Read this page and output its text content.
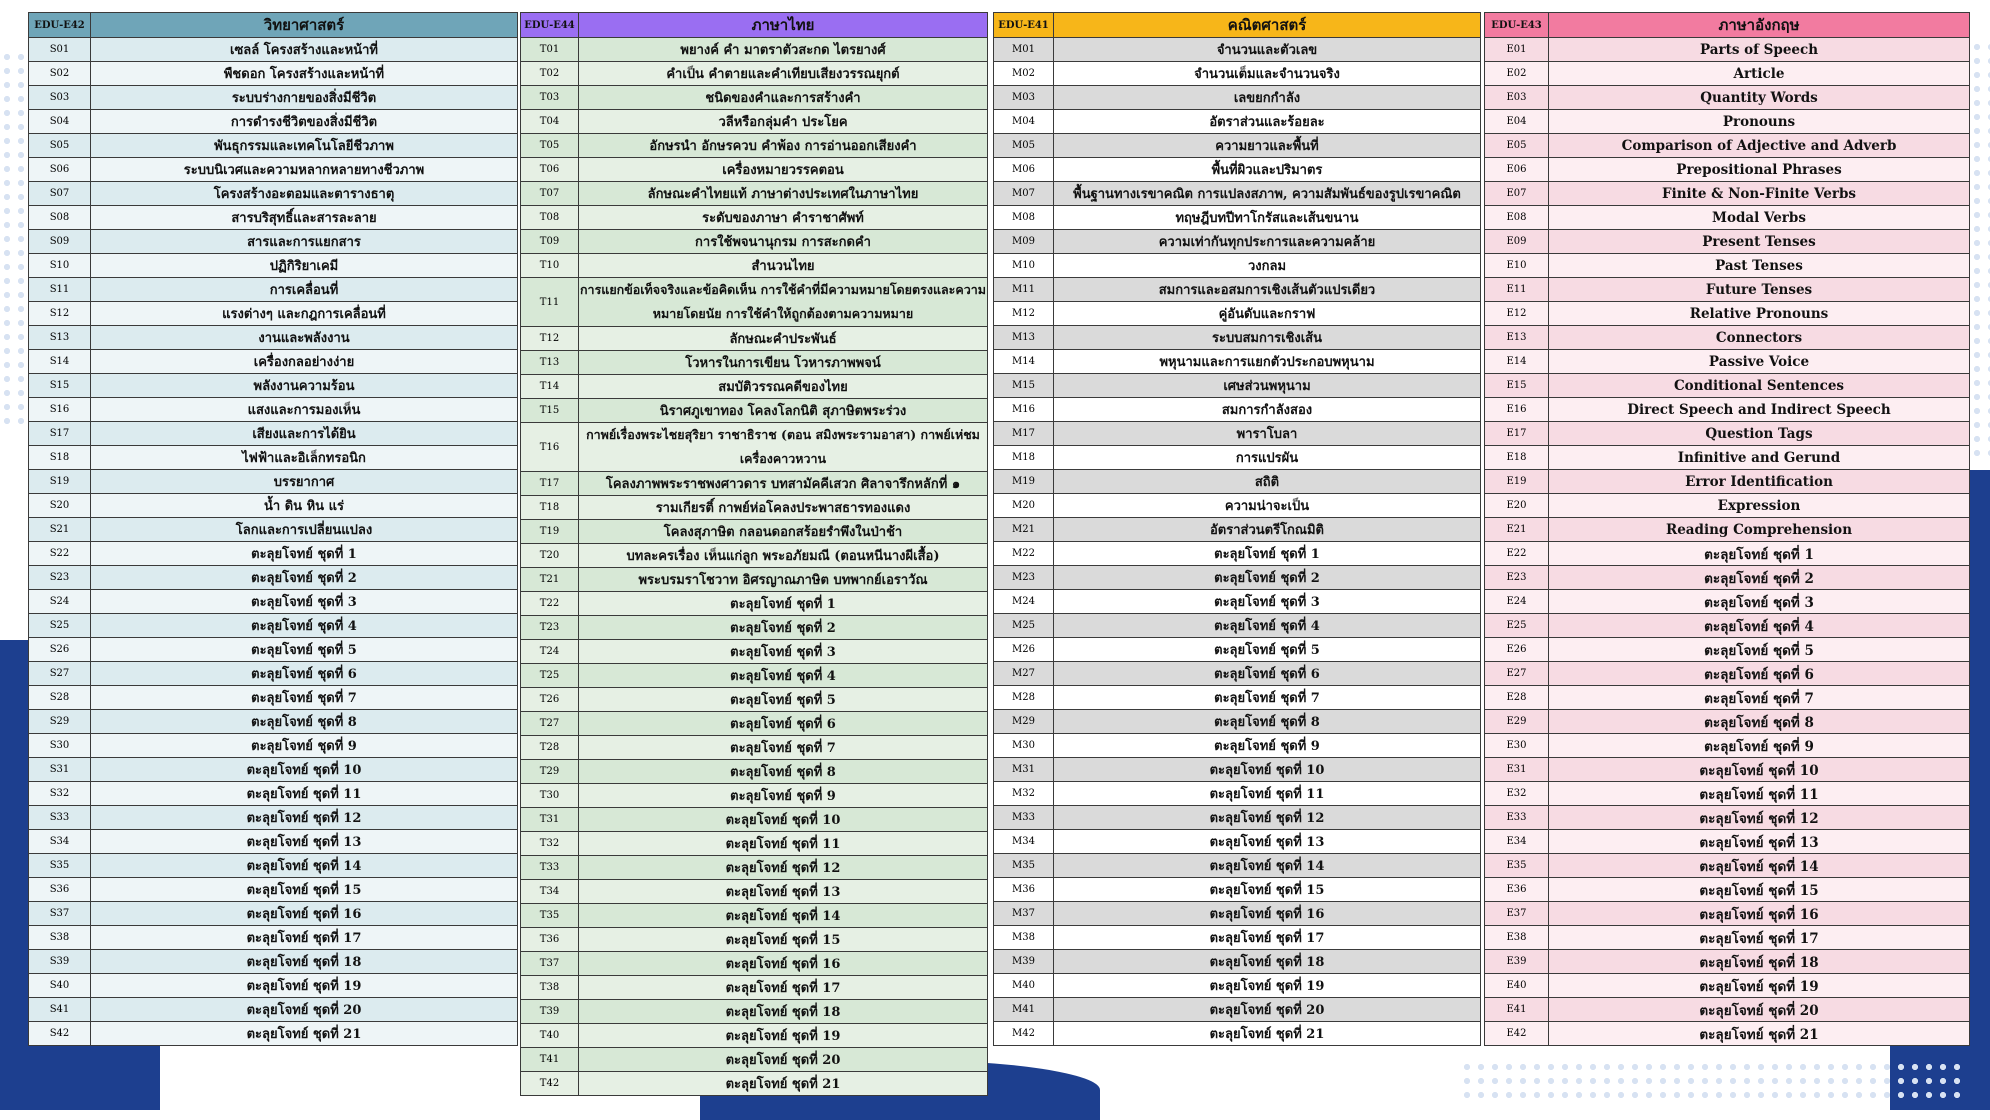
EDU-E42	วิทยาศาสตร์
S01	เซลล์ โครงสร้างและหน้าที่
S02	พืชดอก โครงสร้างและหน้าที่
S03	ระบบร่างกายของสิ่งมีชีวิต
S04	การดำรงชีวิตของสิ่งมีชีวิต
S05	พันธุกรรมและเทคโนโลยีชีวภาพ
S06	ระบบนิเวศและความหลากหลายทางชีวภาพ
S07	โครงสร้างอะตอมและตารางธาตุ
S08	สารบริสุทธิ์และสารละลาย
S09	สารและการแยกสาร
S10	ปฏิกิริยาเคมี
S11	การเคลื่อนที่
S12	แรงต่างๆ และกฎการเคลื่อนที่
S13	งานและพลังงาน
S14	เครื่องกลอย่างง่าย
S15	พลังงานความร้อน
S16	แสงและการมองเห็น
S17	เสียงและการได้ยิน
S18	ไฟฟ้าและอิเล็กทรอนิก
S19	บรรยากาศ
S20	น้ำ ดิน หิน แร่
S21	โลกและการเปลี่ยนแปลง
S22	ตะลุยโจทย์ ชุดที่ 1
S23	ตะลุยโจทย์ ชุดที่ 2
S24	ตะลุยโจทย์ ชุดที่ 3
S25	ตะลุยโจทย์ ชุดที่ 4
S26	ตะลุยโจทย์ ชุดที่ 5
S27	ตะลุยโจทย์ ชุดที่ 6
S28	ตะลุยโจทย์ ชุดที่ 7
S29	ตะลุยโจทย์ ชุดที่ 8
S30	ตะลุยโจทย์ ชุดที่ 9
S31	ตะลุยโจทย์ ชุดที่ 10
S32	ตะลุยโจทย์ ชุดที่ 11
S33	ตะลุยโจทย์ ชุดที่ 12
S34	ตะลุยโจทย์ ชุดที่ 13
S35	ตะลุยโจทย์ ชุดที่ 14
S36	ตะลุยโจทย์ ชุดที่ 15
S37	ตะลุยโจทย์ ชุดที่ 16
S38	ตะลุยโจทย์ ชุดที่ 17
S39	ตะลุยโจทย์ ชุดที่ 18
S40	ตะลุยโจทย์ ชุดที่ 19
S41	ตะลุยโจทย์ ชุดที่ 20
S42	ตะลุยโจทย์ ชุดที่ 21
EDU-E44	ภาษาไทย
T01	พยางค์ คำ มาตราตัวสะกด ไตรยางศ์
T02	คำเป็น คำตายและคำเทียบเสียงวรรณยุกต์
T03	ชนิดของคำและการสร้างคำ
T04	วลีหรือกลุ่มคำ ประโยค
T05	อักษรนำ อักษรควบ คำพ้อง การอ่านออกเสียงคำ
T06	เครื่องหมายวรรคตอน
T07	ลักษณะคำไทยแท้ ภาษาต่างประเทศในภาษาไทย
T08	ระดับของภาษา คำราชาศัพท์
T09	การใช้พจนานุกรม การสะกดคำ
T10	สำนวนไทย
T11	การแยกข้อเท็จจริงและข้อคิดเห็น การใช้คำที่มีความหมายโดยตรงและความหมายโดยนัย การใช้คำให้ถูกต้องตามความหมาย
T12	ลักษณะคำประพันธ์
T13	โวหารในการเขียน โวหารภาพพจน์
T14	สมบัติวรรณคดีของไทย
T15	นิราศภูเขาทอง โคลงโลกนิติ สุภาษิตพระร่วง
T16	กาพย์เรื่องพระไชยสุริยา ราชาธิราช (ตอน สมิงพระรามอาสา) กาพย์เห่ชมเครื่องคาวหวาน
T17	โคลงภาพพระราชพงศาวดาร บทสามัคคีเสวก ศิลาจารึกหลักที่ ๑
T18	รามเกียรติ์ กาพย์ห่อโคลงประพาสธารทองแดง
T19	โคลงสุภาษิต กลอนดอกสร้อยรำพึงในป่าช้า
T20	บทละครเรื่อง เห็นแก่ลูก พระอภัยมณี (ตอนหนีนางผีเสื้อ)
T21	พระบรมราโชวาท อิศรญาณภาษิต บทพากย์เอราวัณ
T22	ตะลุยโจทย์ ชุดที่ 1
T23	ตะลุยโจทย์ ชุดที่ 2
T24	ตะลุยโจทย์ ชุดที่ 3
T25	ตะลุยโจทย์ ชุดที่ 4
T26	ตะลุยโจทย์ ชุดที่ 5
T27	ตะลุยโจทย์ ชุดที่ 6
T28	ตะลุยโจทย์ ชุดที่ 7
T29	ตะลุยโจทย์ ชุดที่ 8
T30	ตะลุยโจทย์ ชุดที่ 9
T31	ตะลุยโจทย์ ชุดที่ 10
T32	ตะลุยโจทย์ ชุดที่ 11
T33	ตะลุยโจทย์ ชุดที่ 12
T34	ตะลุยโจทย์ ชุดที่ 13
T35	ตะลุยโจทย์ ชุดที่ 14
T36	ตะลุยโจทย์ ชุดที่ 15
T37	ตะลุยโจทย์ ชุดที่ 16
T38	ตะลุยโจทย์ ชุดที่ 17
T39	ตะลุยโจทย์ ชุดที่ 18
T40	ตะลุยโจทย์ ชุดที่ 19
T41	ตะลุยโจทย์ ชุดที่ 20
T42	ตะลุยโจทย์ ชุดที่ 21
EDU-E41	คณิตศาสตร์
M01	จำนวนและตัวเลข
M02	จำนวนเต็มและจำนวนจริง
M03	เลขยกกำลัง
M04	อัตราส่วนและร้อยละ
M05	ความยาวและพื้นที่
M06	พื้นที่ผิวและปริมาตร
M07	พื้นฐานทางเรขาคณิต การแปลงสภาพ, ความสัมพันธ์ของรูปเรขาคณิต
M08	ทฤษฎีบทปีทาโกรัสและเส้นขนาน
M09	ความเท่ากันทุกประการและความคล้าย
M10	วงกลม
M11	สมการและอสมการเชิงเส้นตัวแปรเดียว
M12	คู่อันดับและกราฟ
M13	ระบบสมการเชิงเส้น
M14	พหุนามและการแยกตัวประกอบพหุนาม
M15	เศษส่วนพหุนาม
M16	สมการกำลังสอง
M17	พาราโบลา
M18	การแปรผัน
M19	สถิติ
M20	ความน่าจะเป็น
M21	อัตราส่วนตรีโกณมิติ
M22	ตะลุยโจทย์ ชุดที่ 1
M23	ตะลุยโจทย์ ชุดที่ 2
M24	ตะลุยโจทย์ ชุดที่ 3
M25	ตะลุยโจทย์ ชุดที่ 4
M26	ตะลุยโจทย์ ชุดที่ 5
M27	ตะลุยโจทย์ ชุดที่ 6
M28	ตะลุยโจทย์ ชุดที่ 7
M29	ตะลุยโจทย์ ชุดที่ 8
M30	ตะลุยโจทย์ ชุดที่ 9
M31	ตะลุยโจทย์ ชุดที่ 10
M32	ตะลุยโจทย์ ชุดที่ 11
M33	ตะลุยโจทย์ ชุดที่ 12
M34	ตะลุยโจทย์ ชุดที่ 13
M35	ตะลุยโจทย์ ชุดที่ 14
M36	ตะลุยโจทย์ ชุดที่ 15
M37	ตะลุยโจทย์ ชุดที่ 16
M38	ตะลุยโจทย์ ชุดที่ 17
M39	ตะลุยโจทย์ ชุดที่ 18
M40	ตะลุยโจทย์ ชุดที่ 19
M41	ตะลุยโจทย์ ชุดที่ 20
M42	ตะลุยโจทย์ ชุดที่ 21
EDU-E43	ภาษาอังกฤษ
E01	Parts of Speech
E02	Article
E03	Quantity Words
E04	Pronouns
E05	Comparison of Adjective and Adverb
E06	Prepositional Phrases
E07	Finite & Non-Finite Verbs
E08	Modal Verbs
E09	Present Tenses
E10	Past Tenses
E11	Future Tenses
E12	Relative Pronouns
E13	Connectors
E14	Passive Voice
E15	Conditional Sentences
E16	Direct Speech and Indirect Speech
E17	Question Tags
E18	Infinitive and Gerund
E19	Error Identification
E20	Expression
E21	Reading Comprehension
E22	ตะลุยโจทย์ ชุดที่ 1
E23	ตะลุยโจทย์ ชุดที่ 2
E24	ตะลุยโจทย์ ชุดที่ 3
E25	ตะลุยโจทย์ ชุดที่ 4
E26	ตะลุยโจทย์ ชุดที่ 5
E27	ตะลุยโจทย์ ชุดที่ 6
E28	ตะลุยโจทย์ ชุดที่ 7
E29	ตะลุยโจทย์ ชุดที่ 8
E30	ตะลุยโจทย์ ชุดที่ 9
E31	ตะลุยโจทย์ ชุดที่ 10
E32	ตะลุยโจทย์ ชุดที่ 11
E33	ตะลุยโจทย์ ชุดที่ 12
E34	ตะลุยโจทย์ ชุดที่ 13
E35	ตะลุยโจทย์ ชุดที่ 14
E36	ตะลุยโจทย์ ชุดที่ 15
E37	ตะลุยโจทย์ ชุดที่ 16
E38	ตะลุยโจทย์ ชุดที่ 17
E39	ตะลุยโจทย์ ชุดที่ 18
E40	ตะลุยโจทย์ ชุดที่ 19
E41	ตะลุยโจทย์ ชุดที่ 20
E42	ตะลุยโจทย์ ชุดที่ 21
